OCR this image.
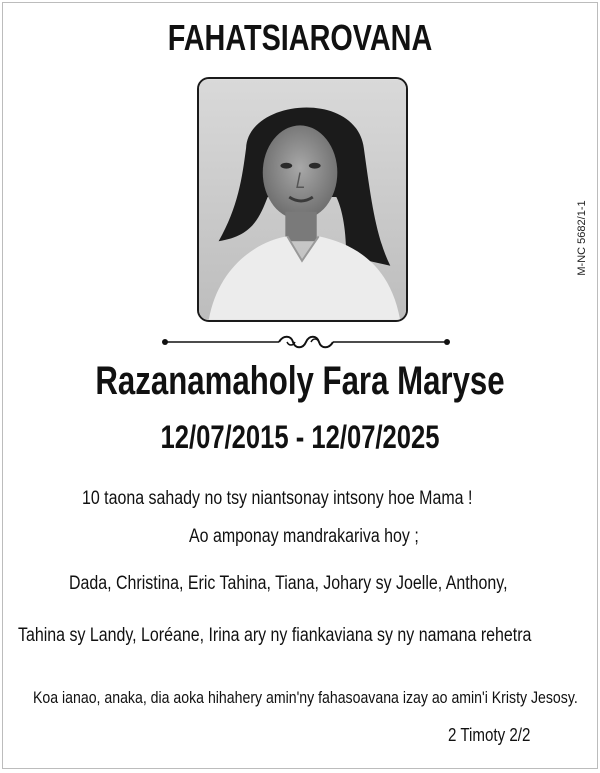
FAHATSIAROVANA
M-NC 5682/1-1
Razanamaholy Fara Maryse
12/07/2015 - 12/07/2025
10 taona sahady no tsy niantsonay intsony hoe Mama !
Ao amponay mandrakariva hoy ;
Dada, Christina, Eric Tahina, Tiana, Johary sy Joelle, Anthony,
Tahina sy Landy, Loréane, Irina ary ny fiankaviana sy ny namana rehetra
Koa ianao, anaka, dia aoka hihahery amin'ny fahasoavana izay ao amin'i Kristy Jesosy.
2 Timoty 2/2
